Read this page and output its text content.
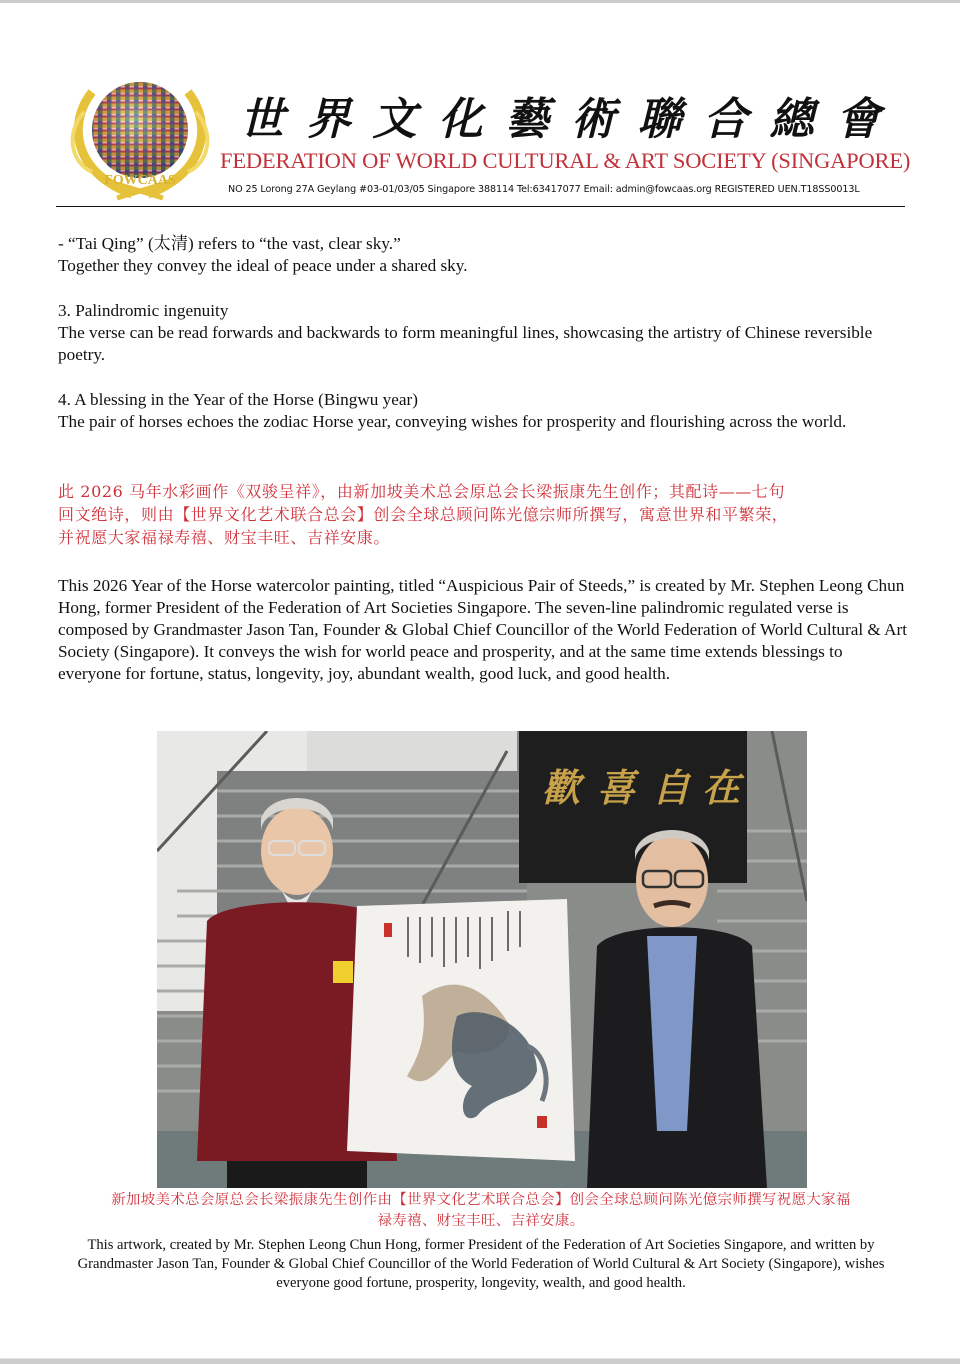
FOWCAAS
世 界 文 化 藝 術 聯 合 總 會
FEDERATION OF WORLD CULTURAL & ART SOCIETY (SINGAPORE)
NO 25 Lorong 27A Geylang #03-01/03/05 Singapore 388114 Tel:63417077 Email: admin@fowcaas.org REGISTERED UEN.T18SS0013L

- “Tai Qing” (太清) refers to “the vast, clear sky.”

Together they convey the ideal of peace under a shared sky.

3. Palindromic ingenuity

The verse can be read forwards and backwards to form meaningful lines, showcasing the artistry of Chinese reversible poetry.

4. A blessing in the Year of the Horse (Bingwu year)

The pair of horses echoes the zodiac Horse year, conveying wishes for prosperity and flourishing across the world.

此 2026 马年水彩画作《双骏呈祥》，由新加坡美术总会原总会长梁振康先生创作；其配诗——七句

回文绝诗，则由【世界文化艺术联合总会】创会全球总顾问陈光億宗师所撰写，寓意世界和平繁荣，

并祝愿大家福禄寿禧、财宝丰旺、吉祥安康。

This 2026 Year of the Horse watercolor painting, titled “Auspicious Pair of Steeds,” is created by Mr. Stephen Leong Chun Hong, former President of the Federation of Art Societies Singapore. The seven-line palindromic regulated verse is composed by Grandmaster Jason Tan, Founder & Global Chief Councillor of the World Federation of World Cultural & Art Society (Singapore). It conveys the wish for world peace and prosperity, and at the same time extends blessings to everyone for fortune, status, longevity, joy, abundant wealth, good luck, and good health.

歡 喜 自 在
新加坡美术总会原总会长梁振康先生创作由【世界文化艺术联合总会】创会全球总顾问陈光億宗师撰写祝愿大家福
禄寿禧、财宝丰旺、吉祥安康。
This artwork, created by Mr. Stephen Leong Chun Hong, former President of the Federation of Art Societies Singapore, and written by Grandmaster Jason Tan, Founder & Global Chief Councillor of the World Federation of World Cultural & Art Society (Singapore), wishes everyone good fortune, prosperity, longevity, wealth, and good health.
